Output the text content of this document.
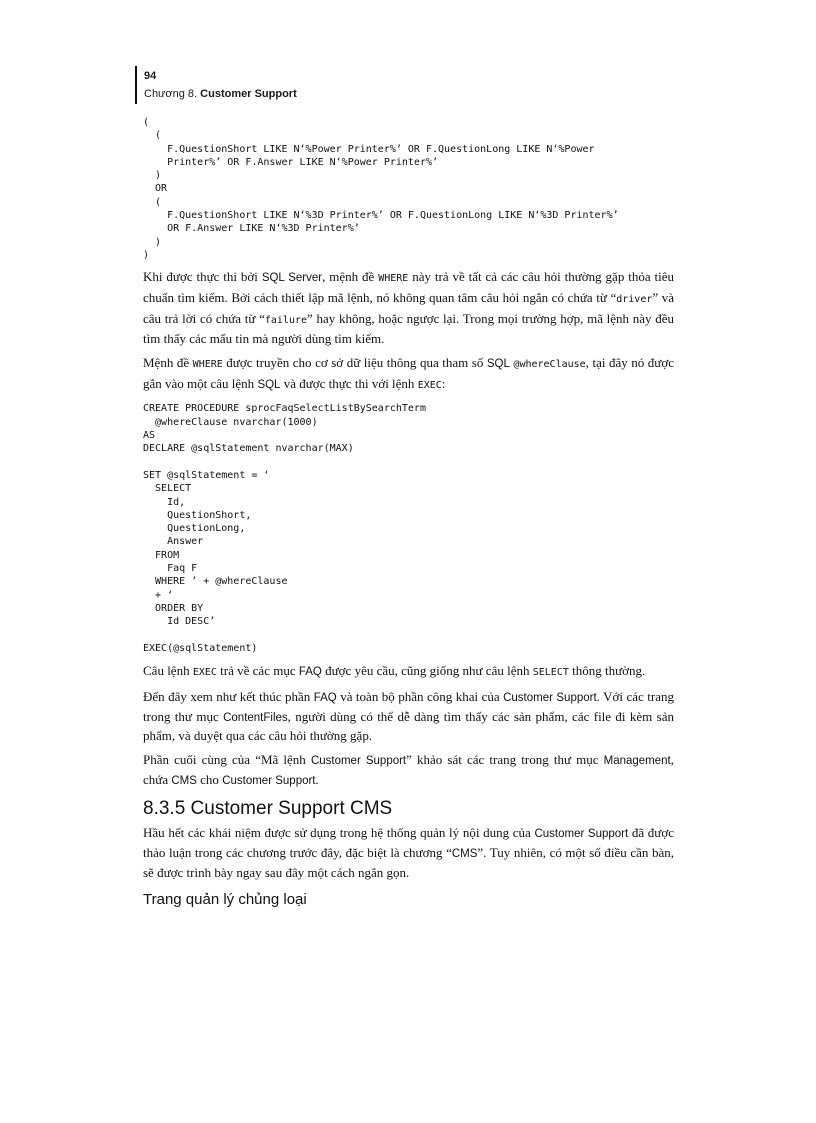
94
Chương 8. Customer Support
(
(
F.QuestionShort LIKE N‘%Power Printer%’ OR F.QuestionLong LIKE N‘%Power
Printer%’ OR F.Answer LIKE N‘%Power Printer%’
)
OR
(
F.QuestionShort LIKE N‘%3D Printer%’ OR F.QuestionLong LIKE N‘%3D Printer%’
OR F.Answer LIKE N‘%3D Printer%’
)
)

Khi được thực thi bởi SQL Server, mệnh đề WHERE này trả về tất cả các câu hỏi thường gặp thỏa tiêu chuẩn tìm kiếm. Bởi cách thiết lập mã lệnh, nó không quan tâm câu hỏi ngắn có chứa từ “driver” và câu trả lời có chứa từ “failure” hay không, hoặc ngược lại. Trong mọi trường hợp, mã lệnh này đều tìm thấy các mẩu tin mà người dùng tìm kiếm.

Mệnh đề WHERE được truyền cho cơ sở dữ liệu thông qua tham số SQL @whereClause, tại đây nó được gắn vào một câu lệnh SQL và được thực thi với lệnh EXEC:

CREATE PROCEDURE sprocFaqSelectListBySearchTerm
@whereClause nvarchar(1000)
AS
DECLARE @sqlStatement nvarchar(MAX)

SET @sqlStatement = ‘
SELECT
Id,
QuestionShort,
QuestionLong,
Answer
FROM
Faq F
WHERE ’ + @whereClause
+ ‘
ORDER BY
Id DESC’

EXEC(@sqlStatement)

Câu lệnh EXEC trả về các mục FAQ được yêu cầu, cũng giống như câu lệnh SELECT thông thường.

Đến đây xem như kết thúc phần FAQ và toàn bộ phần công khai của Customer Support. Với các trang trong thư mục ContentFiles, người dùng có thể dễ dàng tìm thấy các sản phẩm, các file đi kèm sản phẩm, và duyệt qua các câu hỏi thường gặp.

Phần cuối cùng của “Mã lệnh Customer Support” khảo sát các trang trong thư mục Management, chứa CMS cho Customer Support.

8.3.5 Customer Support CMS

Hầu hết các khái niệm được sử dụng trong hệ thống quản lý nội dung của Customer Support đã được thảo luận trong các chương trước đây, đặc biệt là chương “CMS”. Tuy nhiên, có một số điều cần bàn, sẽ được trình bày ngay sau đây một cách ngắn gọn.

Trang quản lý chủng loại
